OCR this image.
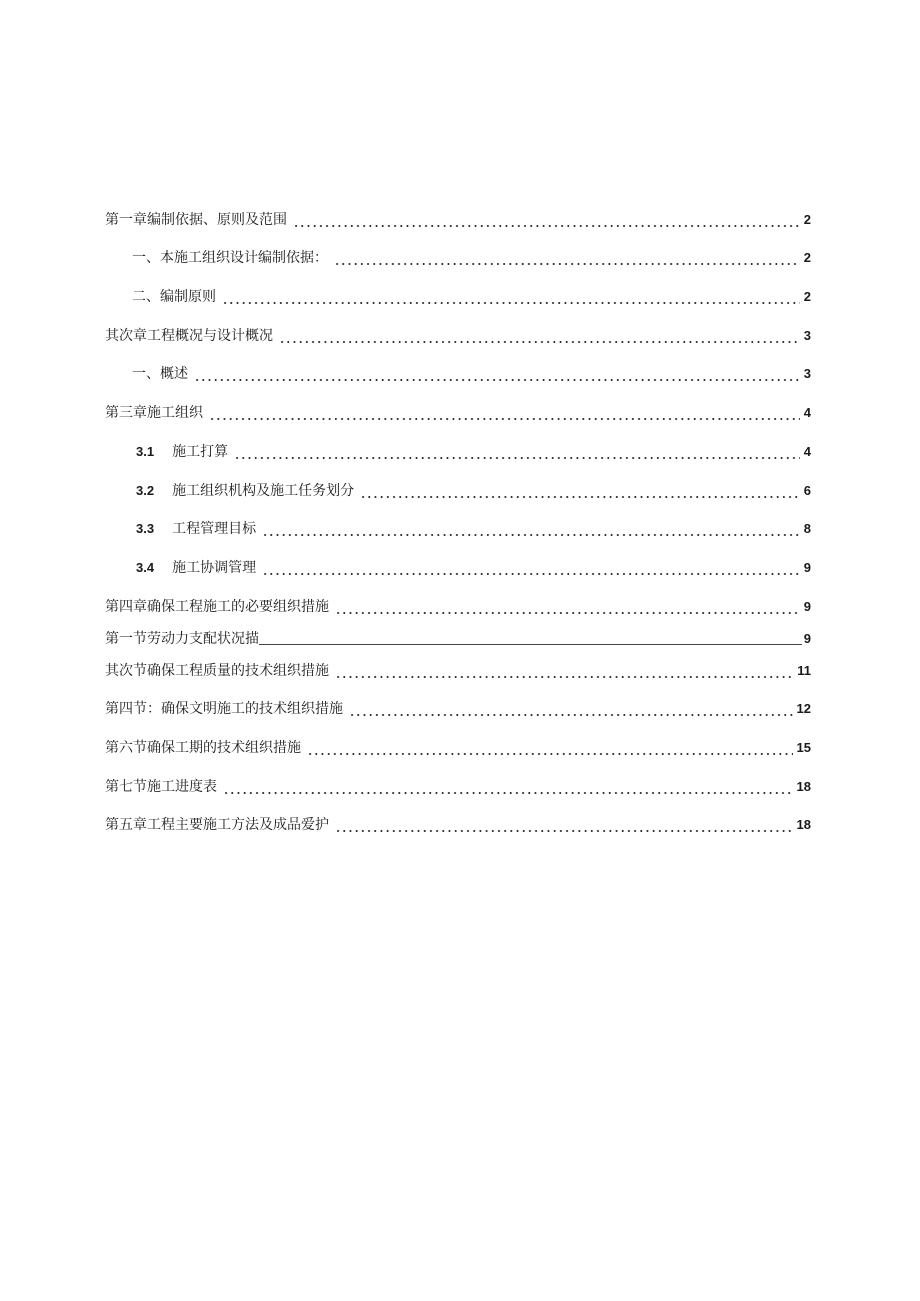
第一章编制依据、原则及范围	2
一、本施工组织设计编制依据：	2
二、编制原则	2
其次章工程概况与设计概况	3
一、概述	3
第三章施工组织	4
3.1 施工打算	4
3.2 施工组织机构及施工任务划分	6
3.3 工程管理目标	8
3.4 施工协调管理	9
第四章确保工程施工的必要组织措施	9
第一节劳动力支配状况描	9
其次节确保工程质量的技术组织措施	11
第四节：确保文明施工的技术组织措施	12
第六节确保工期的技术组织措施	15
第七节施工进度表	18
第五章工程主要施工方法及成品爱护	18
